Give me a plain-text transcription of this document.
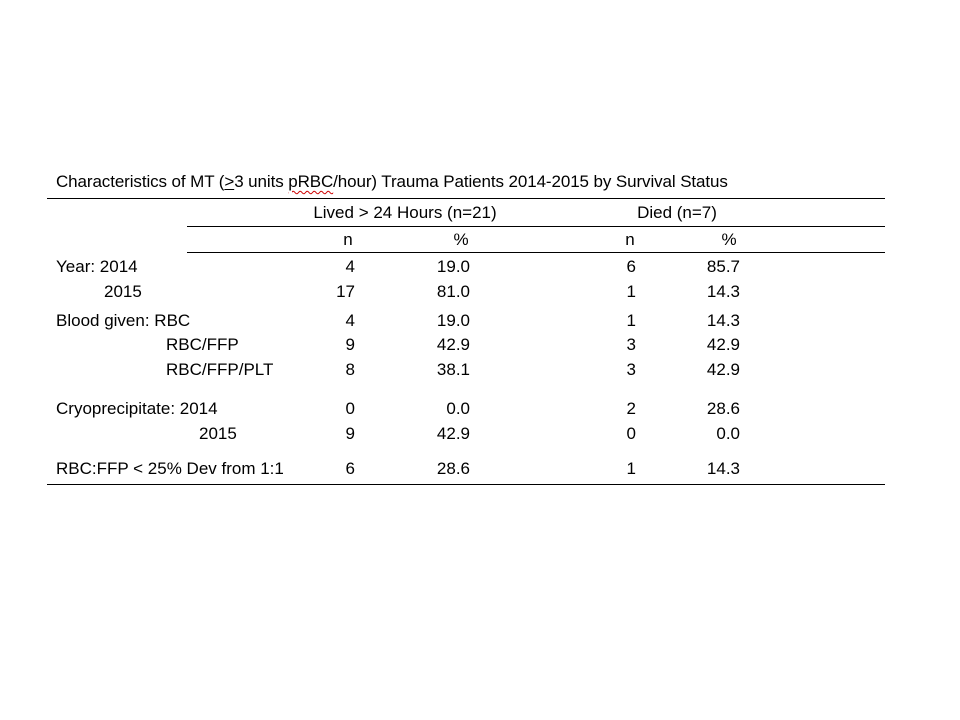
Characteristics of MT (>3 units pRBC/hour) Trauma Patients 2014-2015 by Survival Status
Lived > 24 Hours (n=21)	Died (n=7)
n	%	n	%
Year: 2014	4	19.0	6	85.7
2015	17	81.0	1	14.3
Blood given: RBC	4	19.0	1	14.3
RBC/FFP	9	42.9	3	42.9
RBC/FFP/PLT	8	38.1	3	42.9
Cryoprecipitate: 2014	0	0.0	2	28.6
2015	9	42.9	0	0.0
RBC:FFP < 25% Dev from 1:1	6	28.6	1	14.3
